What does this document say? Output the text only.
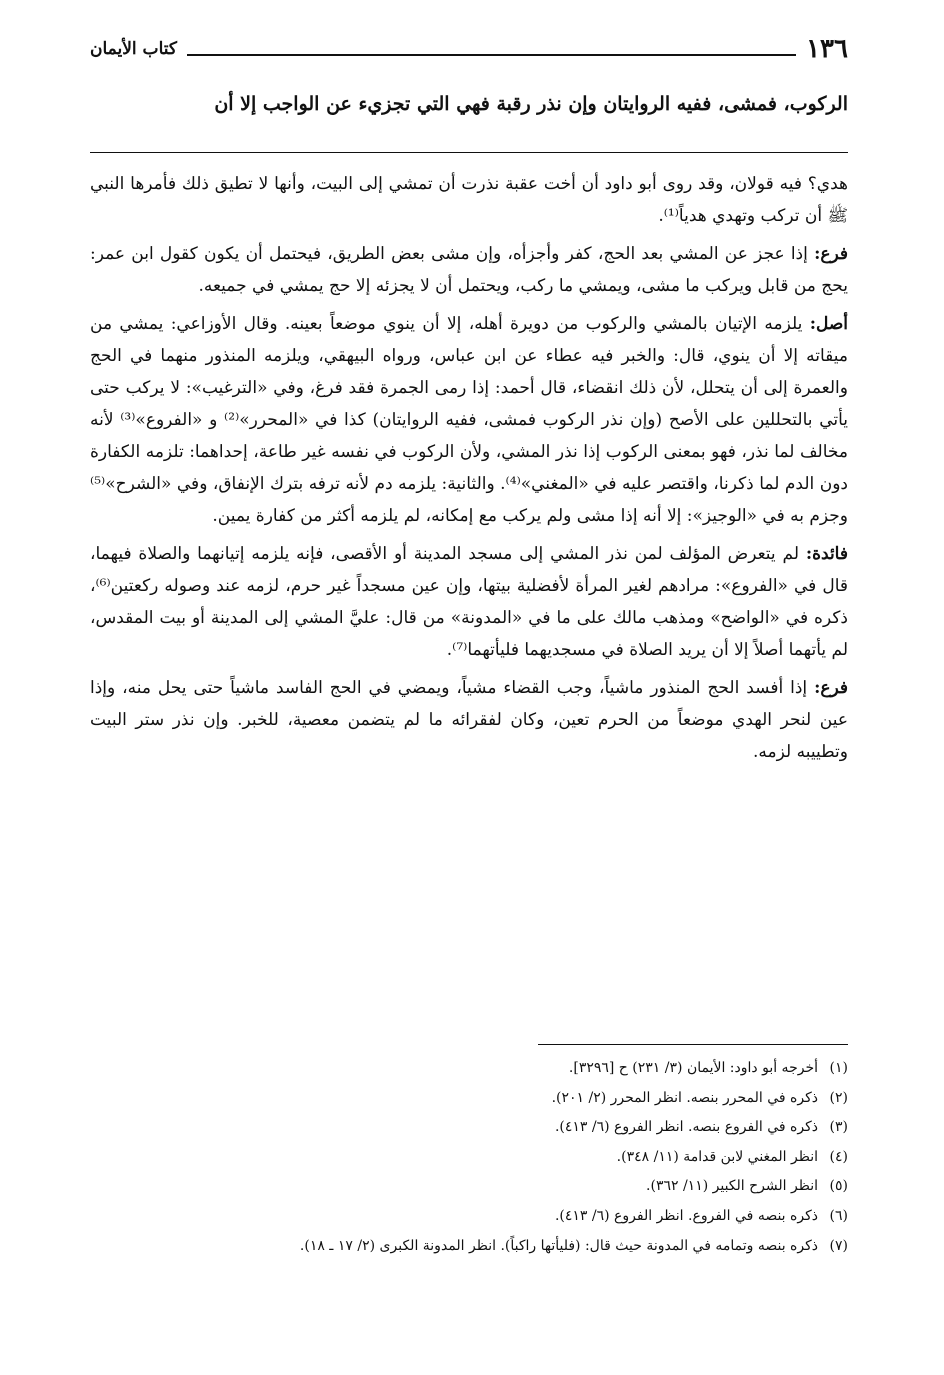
١٣٦
كتاب الأيمان
الركوب، فمشى، ففيه الروايتان وإن نذر رقبة فهي التي تجزيء عن الواجب إلا أن

هدي؟ فيه قولان، وقد روى أبو داود أن أخت عقبة نذرت أن تمشي إلى البيت، وأنها لا تطيق ذلك فأمرها النبي ﷺ أن تركب وتهدي هدياً⁽¹⁾.

فرع: إذا عجز عن المشي بعد الحج، كفر وأجزأه، وإن مشى بعض الطريق، فيحتمل أن يكون كقول ابن عمر: يحج من قابل ويركب ما مشى، ويمشي ما ركب، ويحتمل أن لا يجزئه إلا حج يمشي في جميعه.

أصل: يلزمه الإتيان بالمشي والركوب من دويرة أهله، إلا أن ينوي موضعاً بعينه. وقال الأوزاعي: يمشي من ميقاته إلا أن ينوي، قال: والخبر فيه عطاء عن ابن عباس، ورواه البيهقي، ويلزمه المنذور منهما في الحج والعمرة إلى أن يتحلل، لأن ذلك انقضاء، قال أحمد: إذا رمى الجمرة فقد فرغ، وفي «الترغيب»: لا يركب حتى يأتي بالتحللين على الأصح (وإن نذر الركوب فمشى، ففيه الروايتان) كذا في «المحرر»⁽²⁾ و «الفروع»⁽³⁾ لأنه مخالف لما نذر، فهو بمعنى الركوب إذا نذر المشي، ولأن الركوب في نفسه غير طاعة، إحداهما: تلزمه الكفارة دون الدم لما ذكرنا، واقتصر عليه في «المغني»⁽⁴⁾. والثانية: يلزمه دم لأنه ترفه بترك الإنفاق، وفي «الشرح»⁽⁵⁾ وجزم به في «الوجيز»: إلا أنه إذا مشى ولم يركب مع إمكانه، لم يلزمه أكثر من كفارة يمين.

فائدة: لم يتعرض المؤلف لمن نذر المشي إلى مسجد المدينة أو الأقصى، فإنه يلزمه إتيانهما والصلاة فيهما، قال في «الفروع»: مرادهم لغير المرأة لأفضلية بيتها، وإن عين مسجداً غير حرم، لزمه عند وصوله ركعتين⁽⁶⁾، ذكره في «الواضح» ومذهب مالك على ما في «المدونة» من قال: عليَّ المشي إلى المدينة أو بيت المقدس، لم يأتهما أصلاً إلا أن يريد الصلاة في مسجديهما فليأتهما⁽⁷⁾.

فرع: إذا أفسد الحج المنذور ماشياً، وجب القضاء مشياً، ويمضي في الحج الفاسد ماشياً حتى يحل منه، وإذا عين لنحر الهدي موضعاً من الحرم تعين، وكان لفقرائه ما لم يتضمن معصية، للخبر. وإن نذر ستر البيت وتطييبه لزمه.

(١)
أخرجه أبو داود: الأيمان (٣/ ٢٣١) ح [٣٢٩٦].
(٢)
ذكره في المحرر بنصه. انظر المحرر (٢/ ٢٠١).
(٣)
ذكره في الفروع بنصه. انظر الفروع (٦/ ٤١٣).
(٤)
انظر المغني لابن قدامة (١١/ ٣٤٨).
(٥)
انظر الشرح الكبير (١١/ ٣٦٢).
(٦)
ذكره بنصه في الفروع. انظر الفروع (٦/ ٤١٣).
(٧)
ذكره بنصه وتمامه في المدونة حيث قال: (فليأتها راكباً). انظر المدونة الكبرى (٢/ ١٧ ـ ١٨).
